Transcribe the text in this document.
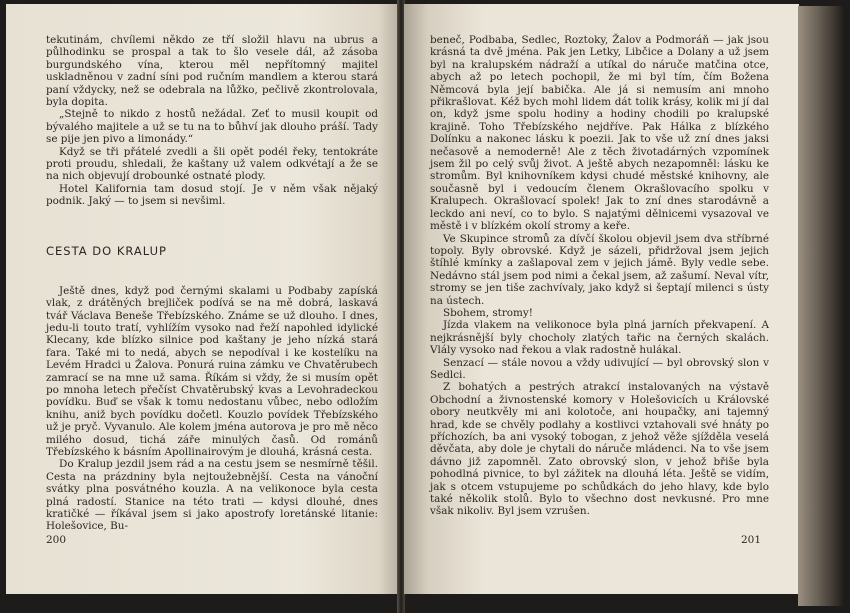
tekutinám, chvílemi někdo ze tří složil hlavu na ubrus a půlhodinku se prospal a tak to šlo vesele dál, až zásoba burgundského vína, kterou měl nepřítomný majitel uskladněnou v zadní síni pod ručním mandlem a kterou stará paní vždycky, než se odebrala na lůžko, pečlivě zkontrolovala, byla dopita.

„Stejně to nikdo z hostů nežádal. Zeť to musil koupit od bývalého majitele a už se tu na to bůhví jak dlouho práší. Tady se pije jen pivo a limonády.“

Když se tři přátelé zvedli a šli opět podél řeky, tentokráte proti proudu, shledali, že kaštany už valem odkvétají a že se na nich objevují drobounké ostnaté plody.

Hotel Kalifornia tam dosud stojí. Je v něm však nějaký podnik. Jaký — to jsem si nevšiml.

CESTA DO KRALUP

Ještě dnes, když pod černými skalami u Podbaby zapíská vlak, z drátěných brejliček podívá se na mě dobrá, laskavá tvář Václava Beneše Třebízského. Známe se už dlouho. I dnes, jedu-li touto tratí, vyhlížím vysoko nad řeží napohled idylické Klecany, kde blízko silnice pod kaštany je jeho nízká stará fara. Také mi to nedá, abych se nepodíval i ke kostelíku na Levém Hradci u Žalova. Ponurá ruina zámku ve Chvatěrubech zamrací se na mne už sama. Říkám si vždy, že si musím opět po mnoha letech přečíst Chvatěrubský kvas a Levohradeckou povídku. Buď se však k tomu nedostanu vůbec, nebo odložím knihu, aniž bych povídku dočetl. Kouzlo povídek Třebízského už je pryč. Vyvanulo. Ale kolem jména autorova je pro mě něco milého dosud, tichá záře minulých časů. Od románů Třebízského k básním Apollinairovým je dlouhá, krásná cesta.

Do Kralup jezdil jsem rád a na cestu jsem se nesmírně těšil. Cesta na prázdniny byla nejtoužebnější. Cesta na vánoční svátky plna posvátného kouzla. A na velikonoce byla cesta plná radostí. Stanice na této trati — kdysi dlouhé, dnes kratičké — říkával jsem si jako apostrofy loretánské litanie: Holešovice, Bu-

200

beneč, Podbaba, Sedlec, Roztoky, Žalov a Podmoráň — jak jsou krásná ta dvě jména. Pak jen Letky, Libčice a Dolany a už jsem byl na kralupském nádraží a utíkal do náruče matčina otce, abych až po letech pochopil, že mi byl tím, čím Božena Němcová byla její babička. Ale já si nemusím ani mnoho přikrašlovat. Kéž bych mohl lidem dát tolik krásy, kolik mi jí dal on, když jsme spolu hodiny a hodiny chodili po kralupské krajině. Toho Třebízského nejdříve. Pak Hálka z blízkého Dolínku a nakonec lásku k poezii. Jak to vše už zní dnes jaksi nečasově a nemoderně! Ale z těch životadárných vzpomínek jsem žil po celý svůj život. A ještě abych nezapomněl: lásku ke stromům. Byl knihovníkem kdysi chudé městské knihovny, ale současně byl i vedoucím členem Okrašlovacího spolku v Kralupech. Okrašlovací spolek! Jak to zní dnes starodávně a leckdo ani neví, co to bylo. S najatými dělnicemi vysazoval ve městě i v blízkém okolí stromy a keře.

Ve Skupince stromů za dívčí školou objevil jsem dva stříbrné topoly. Byly obrovské. Když je sázeli, přidržoval jsem jejich štíhlé kmínky a zašlapoval zem v jejich jámě. Byly vedle sebe. Nedávno stál jsem pod nimi a čekal jsem, až zašumí. Neval vítr, stromy se jen tiše zachvívaly, jako když si šeptají milenci s ústy na ústech.

Sbohem, stromy!

Jízda vlakem na velikonoce byla plná jarních překvapení. A nejkrásnější byly chocholy zlatých tařic na černých skalách. Vlály vysoko nad řekou a vlak radostně hulákal.

Senzací — stále novou a vždy udivující — byl obrovský slon v Sedlci.

Z bohatých a pestrých atrakcí instalovaných na výstavě Obchodní a živnostenské komory v Holešovicích u Královské obory neutkvěly mi ani kolotoče, ani houpačky, ani tajemný hrad, kde se chvěly podlahy a kostlivci vztahovali své hnáty po příchozích, ba ani vysoký tobogan, z jehož věže sjížděla veselá děvčata, aby dole je chytali do náruče mládenci. Na to vše jsem dávno již zapomněl. Zato obrovský slon, v jehož břiše byla pohodlná pivnice, to byl zážitek na dlouhá léta. Ještě se vidím, jak s otcem vstupujeme po schůdkách do jeho hlavy, kde bylo také několik stolů. Bylo to všechno dost nevkusné. Pro mne však nikoliv. Byl jsem vzrušen.

201
